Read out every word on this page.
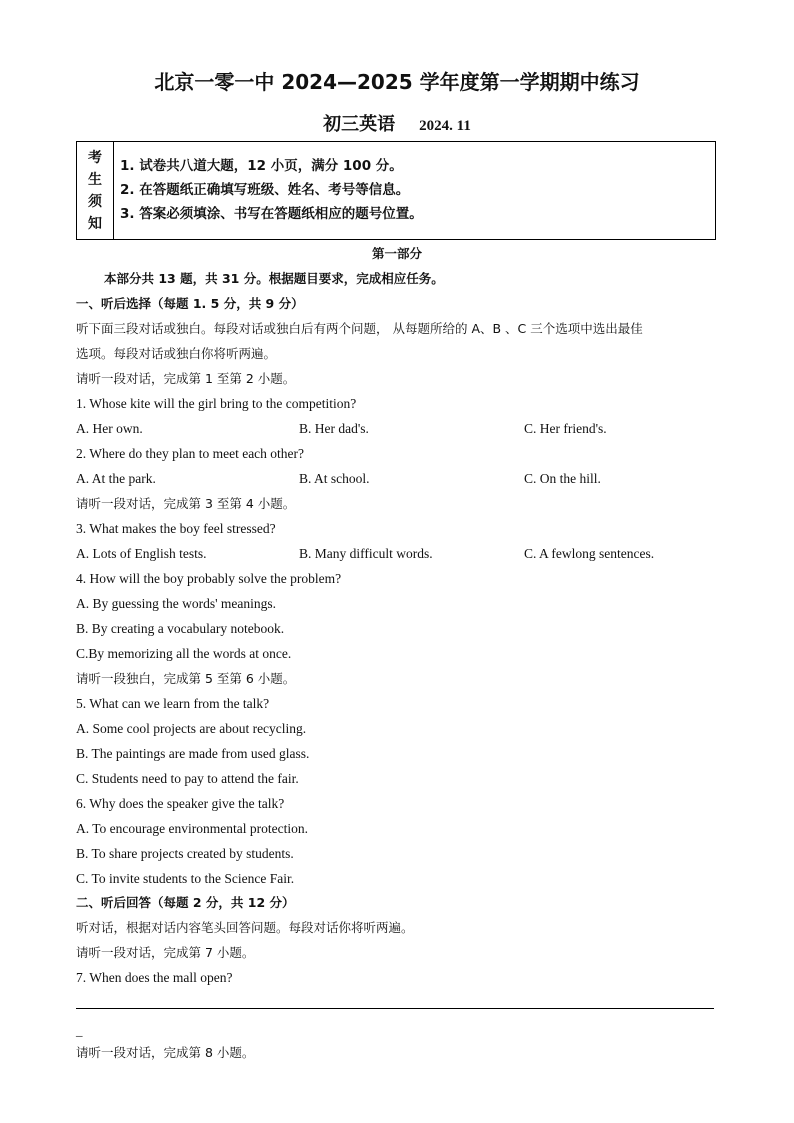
北京一零一中 2024—2025 学年度第一学期期中练习
初三英语 2024. 11
考
生
须
知
1. 试卷共八道大题，12 小页，满分 100 分。
2. 在答题纸正确填写班级、姓名、考号等信息。
3. 答案必须填涂、书写在答题纸相应的题号位置。
第一部分
本部分共 13 题，共 31 分。根据题目要求，完成相应任务。
一、听后选择（每题 1. 5 分，共 9 分）
听下面三段对话或独白。每段对话或独白后有两个问题， 从每题所给的 A、B 、C 三个选项中选出最佳
选项。每段对话或独白你将听两遍。
请听一段对话，完成第 1 至第 2 小题。
1. Whose kite will the girl bring to the competition?
A. Her own.	B. Her dad's.	C. Her friend's.
2. Where do they plan to meet each other?
A. At the park.	B. At school.	C. On the hill.
请听一段对话，完成第 3 至第 4 小题。
3. What makes the boy feel stressed?
A. Lots of English tests.	B. Many difficult words.	C. A fewlong sentences.
4. How will the boy probably solve the problem?
A. By guessing the words' meanings.
B. By creating a vocabulary notebook.
C.By memorizing all the words at once.
请听一段独白，完成第 5 至第 6 小题。
5. What can we learn from the talk?
A. Some cool projects are about recycling.
B. The paintings are made from used glass.
C. Students need to pay to attend the fair.
6. Why does the speaker give the talk?
A. To encourage environmental protection.
B. To share projects created by students.
C. To invite students to the Science Fair.
二、听后回答（每题 2 分，共 12 分）
听对话，根据对话内容笔头回答问题。每段对话你将听两遍。
请听一段对话，完成第 7 小题。
7. When does the mall open?
_
请听一段对话，完成第 8 小题。
